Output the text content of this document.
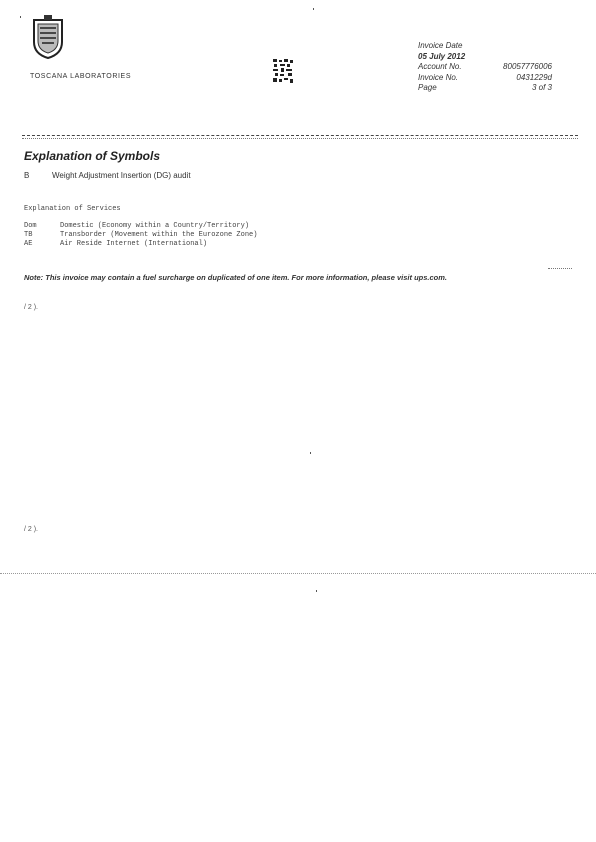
TOSCANA LABORATORIES
Invoice Date
05 July 2012
Account No.	80057776006
Invoice No.	0431229d
Page	3 of 3
Explanation of Symbols
B	Weight Adjustment Insertion (DG) audit
Explanation of Services
Dom	Domestic (Economy within a Country/Territory)
TB	Transborder (Movement within the Eurozone Zone)
AE	Air Reside Internet (International)
Note: This invoice may contain a fuel surcharge on duplicated of one item. For more information, please visit ups.com.
/ 2 ).
/ 2 ).
